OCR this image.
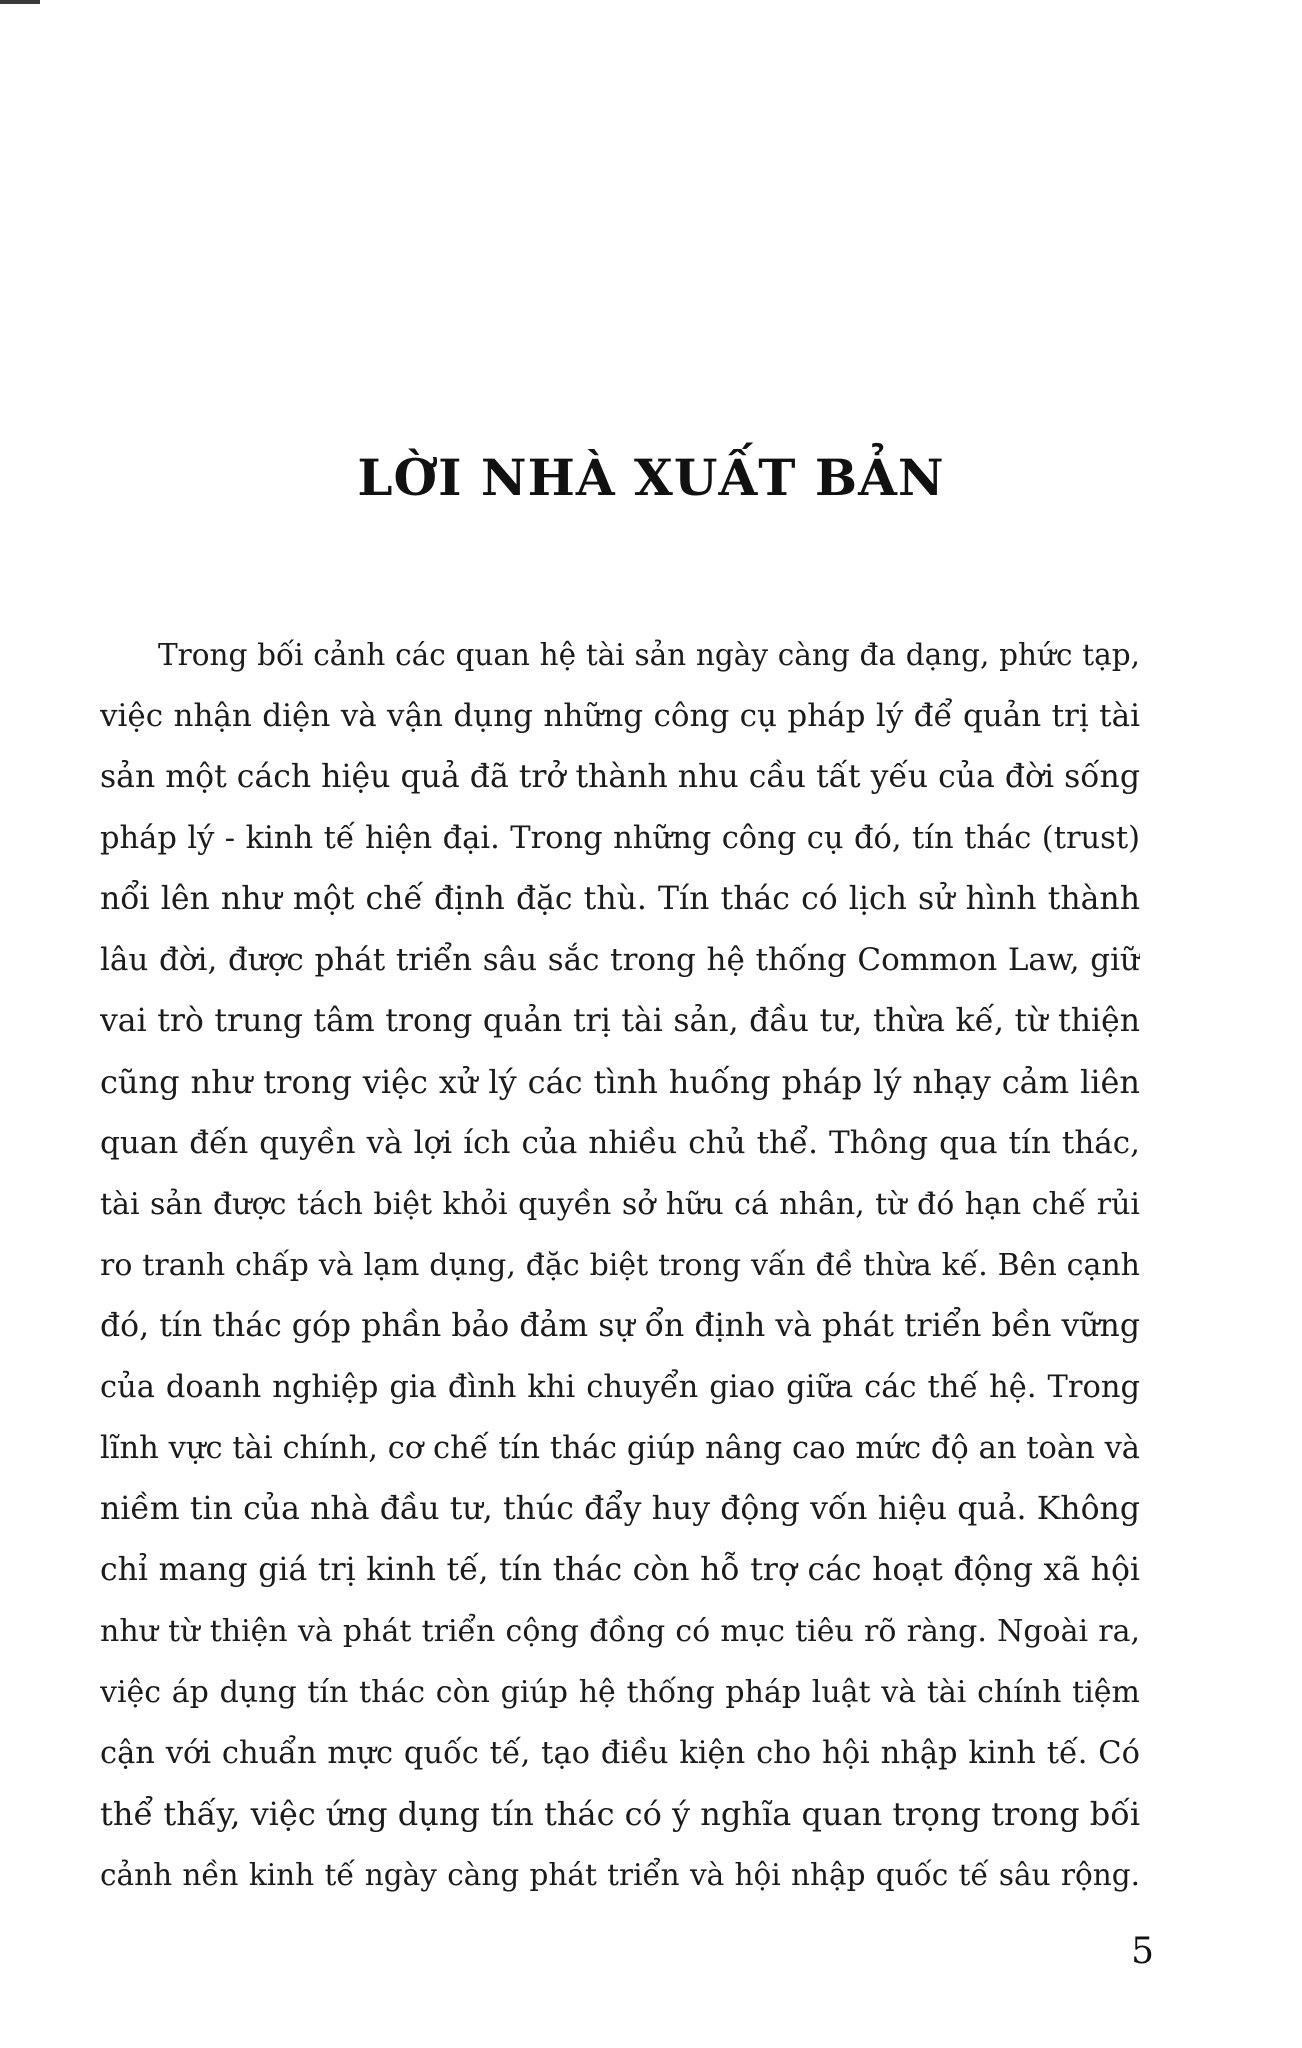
LỜI NHÀ XUẤT BẢN
Trong bối cảnh các quan hệ tài sản ngày càng đa dạng, phức tạp,
việc nhận diện và vận dụng những công cụ pháp lý để quản trị tài
sản một cách hiệu quả đã trở thành nhu cầu tất yếu của đời sống
pháp lý - kinh tế hiện đại. Trong những công cụ đó, tín thác (trust)
nổi lên như một chế định đặc thù. Tín thác có lịch sử hình thành
lâu đời, được phát triển sâu sắc trong hệ thống Common Law, giữ
vai trò trung tâm trong quản trị tài sản, đầu tư, thừa kế, từ thiện
cũng như trong việc xử lý các tình huống pháp lý nhạy cảm liên
quan đến quyền và lợi ích của nhiều chủ thể. Thông qua tín thác,
tài sản được tách biệt khỏi quyền sở hữu cá nhân, từ đó hạn chế rủi
ro tranh chấp và lạm dụng, đặc biệt trong vấn đề thừa kế. Bên cạnh
đó, tín thác góp phần bảo đảm sự ổn định và phát triển bền vững
của doanh nghiệp gia đình khi chuyển giao giữa các thế hệ. Trong
lĩnh vực tài chính, cơ chế tín thác giúp nâng cao mức độ an toàn và
niềm tin của nhà đầu tư, thúc đẩy huy động vốn hiệu quả. Không
chỉ mang giá trị kinh tế, tín thác còn hỗ trợ các hoạt động xã hội
như từ thiện và phát triển cộng đồng có mục tiêu rõ ràng. Ngoài ra,
việc áp dụng tín thác còn giúp hệ thống pháp luật và tài chính tiệm
cận với chuẩn mực quốc tế, tạo điều kiện cho hội nhập kinh tế. Có
thể thấy, việc ứng dụng tín thác có ý nghĩa quan trọng trong bối
cảnh nền kinh tế ngày càng phát triển và hội nhập quốc tế sâu rộng.
5
